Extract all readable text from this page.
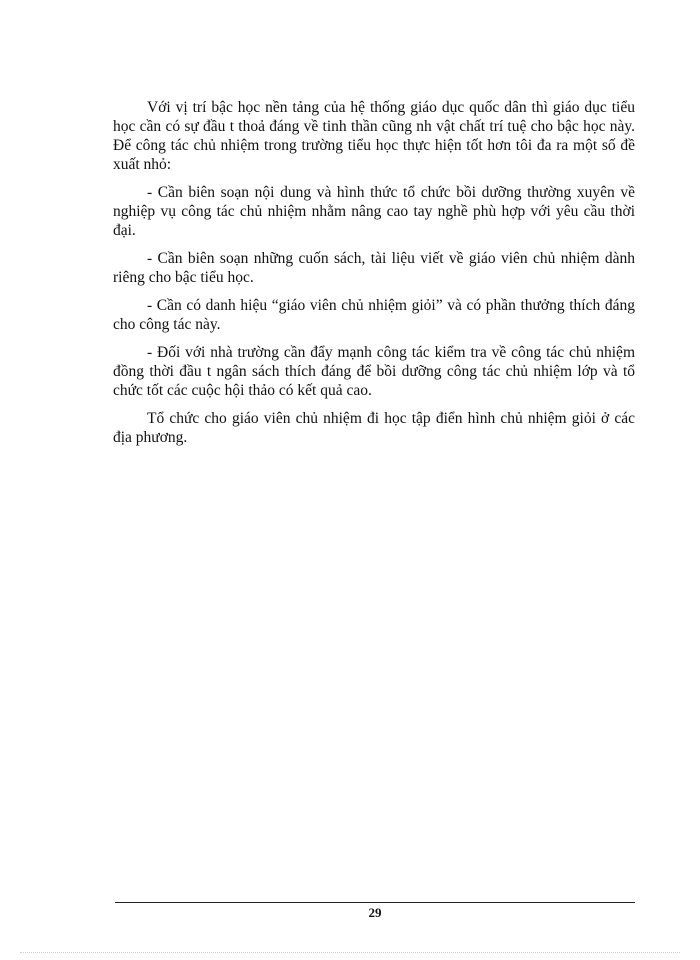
Với vị trí bậc học nền tảng của hệ thống giáo dục quốc dân thì giáo dục tiểu học cần có sự đầu t thoả đáng về tinh thần cũng nh vật chất trí tuệ cho bậc học này. Để công tác chủ nhiệm trong trường tiểu học thực hiện tốt hơn tôi đa ra một số đề xuất nhỏ:

- Cần biên soạn nội dung và hình thức tổ chức bồi dưỡng thường xuyên về nghiệp vụ công tác chủ nhiệm nhằm nâng cao tay nghề phù hợp với yêu cầu thời đại.

- Cần biên soạn những cuốn sách, tài liệu viết về giáo viên chủ nhiệm dành riêng cho bậc tiểu học.

- Cần có danh hiệu “giáo viên chủ nhiệm giỏi” và có phần thưởng thích đáng cho công tác này.

- Đối với nhà trường cần đẩy mạnh công tác kiểm tra về công tác chủ nhiệm đồng thời đầu t ngân sách thích đáng để bồi dưỡng công tác chủ nhiệm lớp và tổ chức tốt các cuộc hội thảo có kết quả cao.

Tổ chức cho giáo viên chủ nhiệm đi học tập điển hình chủ nhiệm giỏi ở các địa phương.

29
